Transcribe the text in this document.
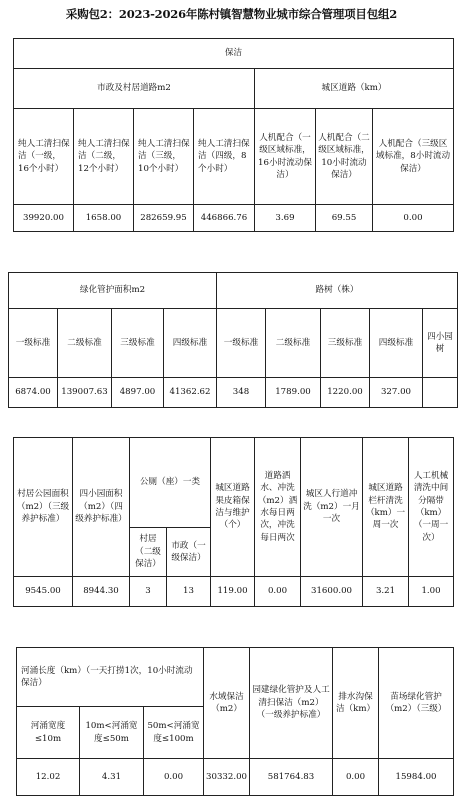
采购包2：2023-2026年陈村镇智慧物业城市综合管理项目包组2
保洁						
市政及村居道路m2				城区道路（km）		
纯人工清扫保洁（一级，16个小时）	纯人工清扫保洁（二级，12个小时）	纯人工清扫保洁（三级，10个小时）	纯人工清扫保洁（四级，8个小时）	人机配合（一级区域标准，16小时流动保洁）	人机配合（二级区域标准，10小时流动保洁）	人机配合（三级区域标准，8小时流动保洁）
39920.00	1658.00	282659.95	446866.76	3.69	69.55	0.00
绿化管护面积m2				路树（株）				
一级标准	二级标准	三级标准	四级标准	一级标准	二级标准	三级标准	四级标准	四小园树
6874.00	139007.63	4897.00	41362.62	348	1789.00	1220.00	327.00	
村居公园面积（m2）（三级养护标准）	四小园面积（m2）（四级养护标准）	公厕（座）一类		城区道路果皮箱保洁与维护（个）	道路洒水、冲洗（m2）洒水每日两次，冲洗每日两次	城区人行道冲洗（m2）一月一次	城区道路栏杆清洗（km）一周一次	人工机械清洗中间分隔带（km）（一周一次）
		村居（二级保洁）	市政（一级保洁）					
9545.00	8944.30	3	13	119.00	0.00	31600.00	3.21	1.00
河涌长度（km）（一天打捞1次，10小时流动保洁）			水域保洁（m2）	园建绿化管护及人工清扫保洁（m2）（一级养护标准）	排水沟保洁（km）	苗场绿化管护（m2）（三级）
河涌宽度≤10m	10m<河涌宽度≤50m	50m<河涌宽度≤100m				
12.02	4.31	0.00	30332.00	581764.83	0.00	15984.00
